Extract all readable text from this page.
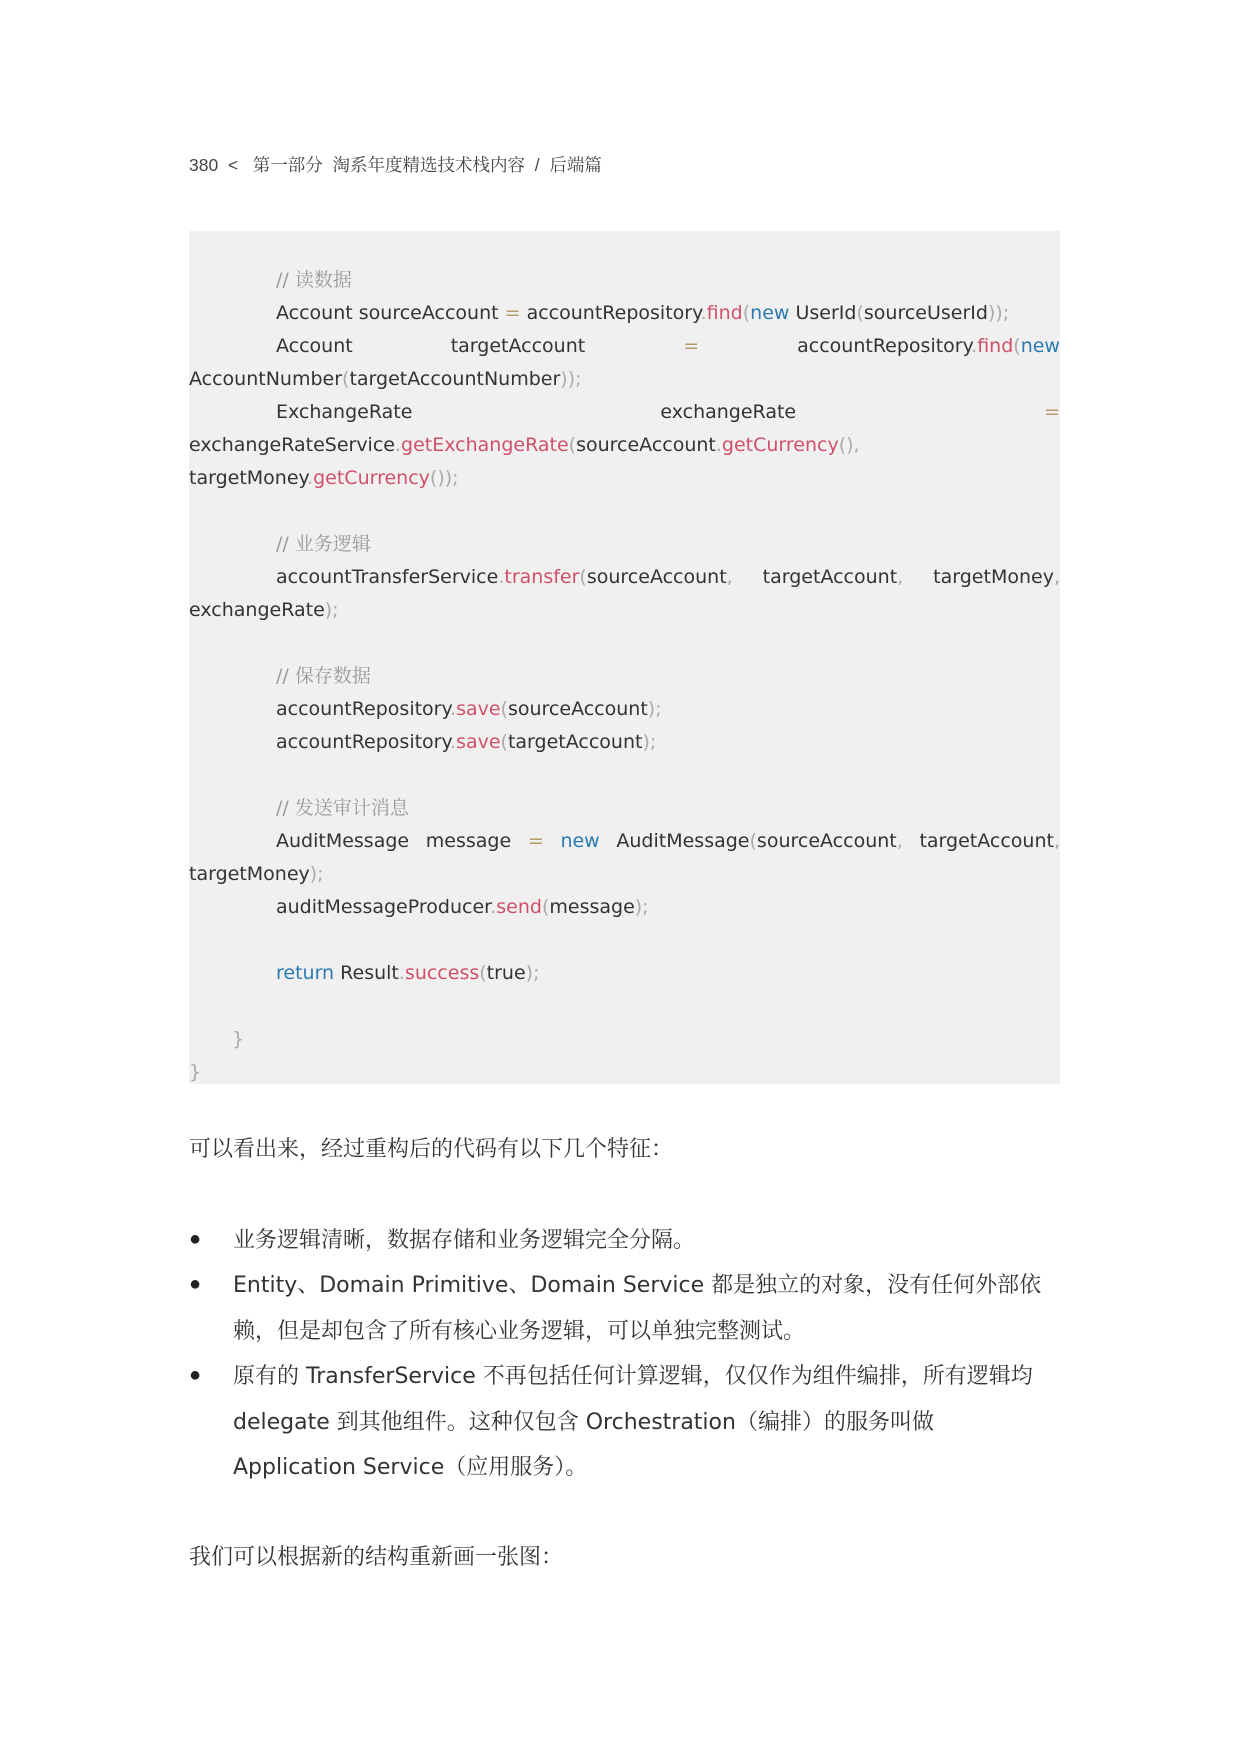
380 < 第一部分 淘系年度精选技术栈内容 / 后端篇
// 读数据
Account sourceAccount = accountRepository.find(new UserId(sourceUserId));
Account	targetAccount	=	accountRepository.find(new
AccountNumber(targetAccountNumber));
ExchangeRate	exchangeRate	=
exchangeRateService.getExchangeRate(sourceAccount.getCurrency(),
targetMoney.getCurrency());
// 业务逻辑
accountTransferService.transfer(sourceAccount, targetAccount, targetMoney,
exchangeRate);
// 保存数据
accountRepository.save(sourceAccount);
accountRepository.save(targetAccount);
// 发送审计消息
AuditMessage message = new AuditMessage(sourceAccount, targetAccount,
targetMoney);
auditMessageProducer.send(message);
return Result.success(true);
}
}
可以看出来，经过重构后的代码有以下几个特征：
● 业务逻辑清晰，数据存储和业务逻辑完全分隔。
● Entity、Domain Primitive、Domain Service 都是独立的对象，没有任何外部依赖，但是却包含了所有核心业务逻辑，可以单独完整测试。
● 原有的 TransferService 不再包括任何计算逻辑，仅仅作为组件编排，所有逻辑均 delegate 到其他组件。这种仅包含 Orchestration（编排）的服务叫做 Application Service（应用服务）。
我们可以根据新的结构重新画一张图：
